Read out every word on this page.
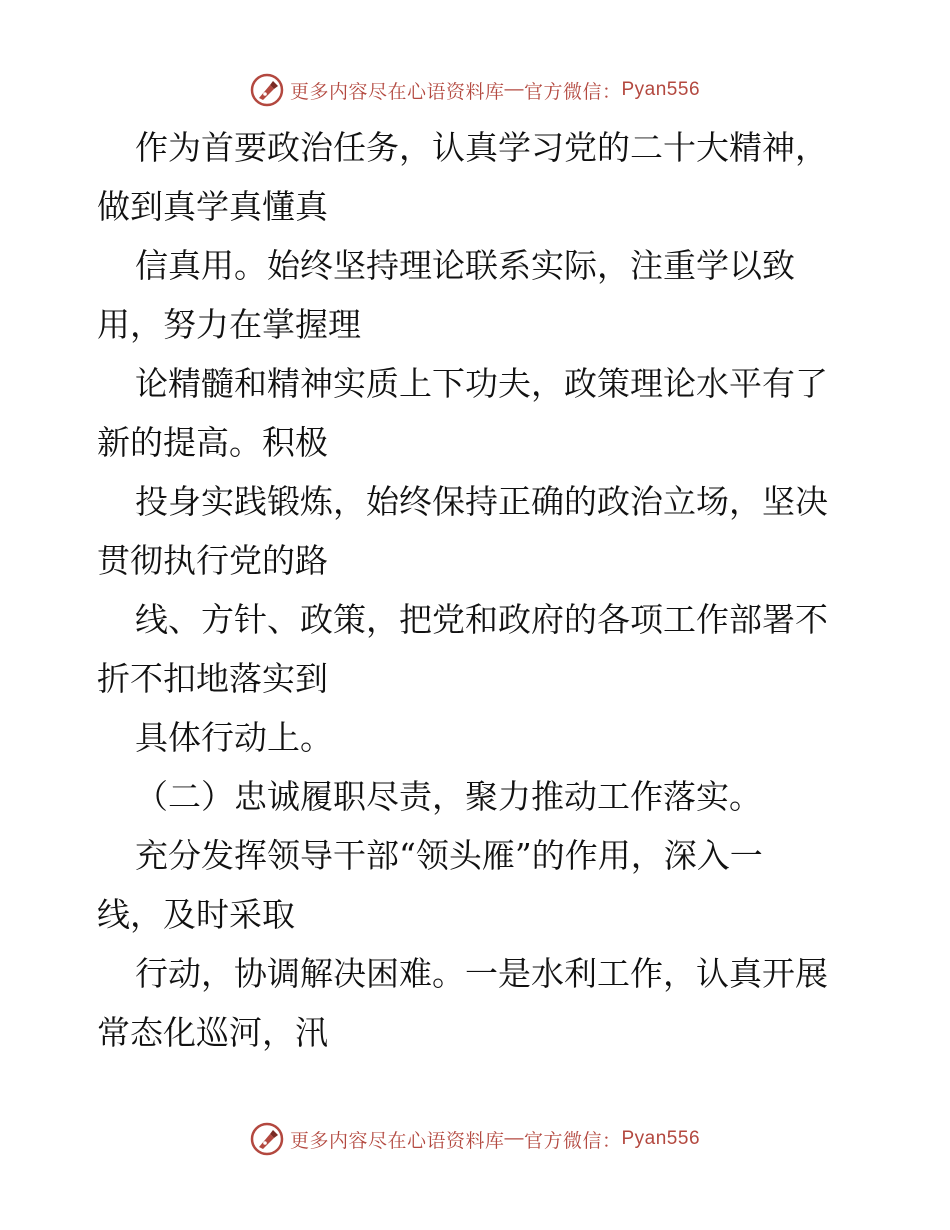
更多内容尽在心语资料库 — 官方微信： Pyan556
作为首要政治任务，认真学习党的二十大精神，
做到真学真懂真
信真用。始终坚持理论联系实际，注重学以致
用，努力在掌握理
论精髓和精神实质上下功夫，政策理论水平有了
新的提高。积极
投身实践锻炼，始终保持正确的政治立场，坚决
贯彻执行党的路
线、方针、政策，把党和政府的各项工作部署不
折不扣地落实到
具体行动上。
（二）忠诚履职尽责，聚力推动工作落实。
充分发挥领导干部“领头雁”的作用，深入一
线，及时采取
行动，协调解决困难。一是水利工作，认真开展
常态化巡河，汛
更多内容尽在心语资料库 — 官方微信： Pyan556
